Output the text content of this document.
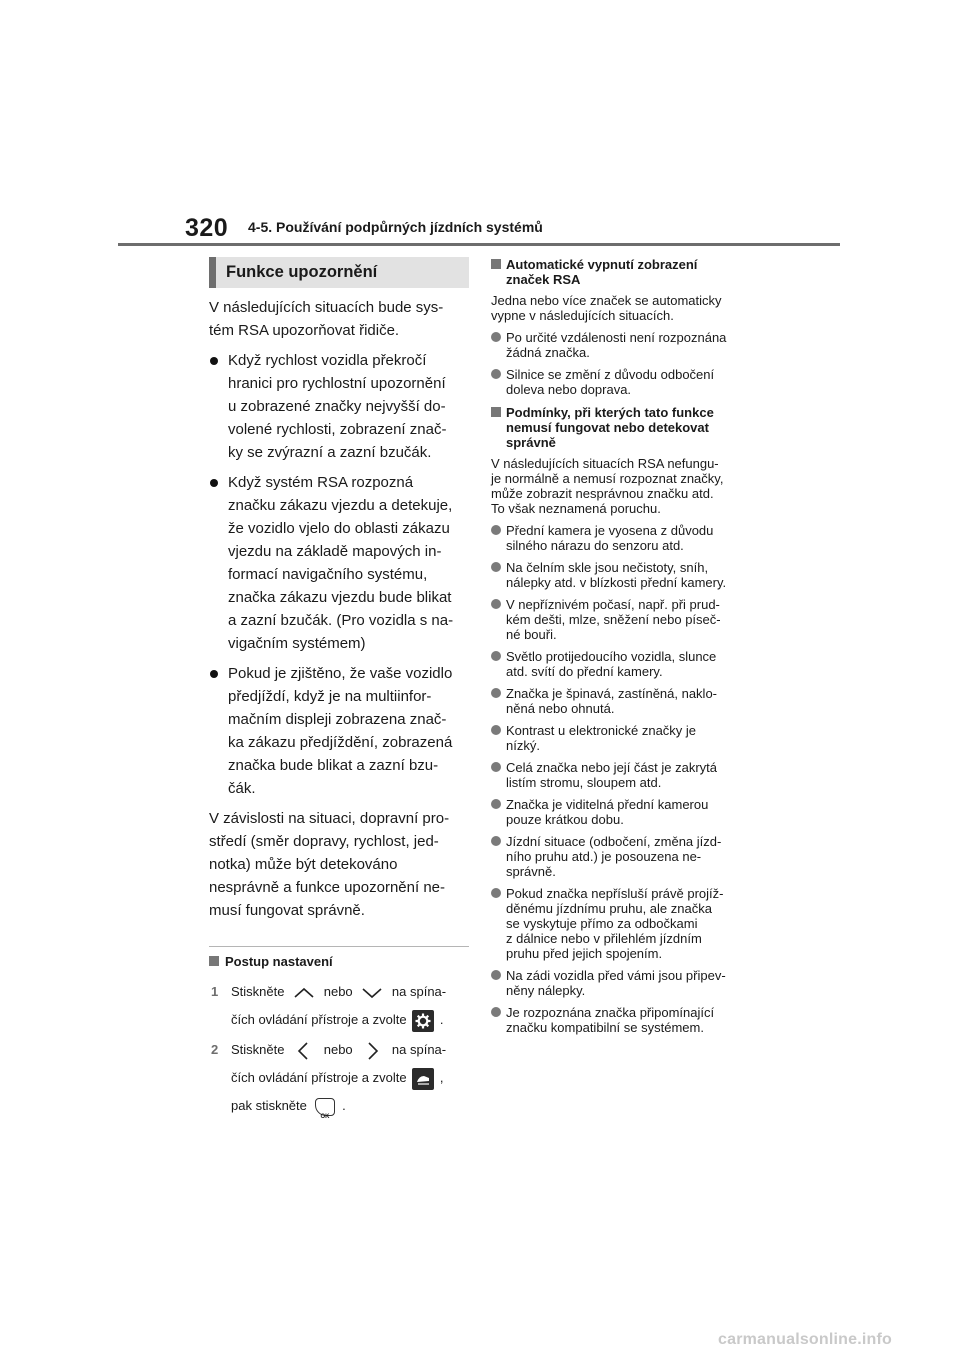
320 4-5. Používání podpůrných jízdních systémů
Funkce upozornění

V následujících situacích bude sys-
tém RSA upozorňovat řidiče.

Když rychlost vozidla překročí
hranici pro rychlostní upozornění
u zobrazené značky nejvyšší do-
volené rychlosti, zobrazení znač-
ky se zvýrazní a zazní bzučák.
Když systém RSA rozpozná
značku zákazu vjezdu a detekuje,
že vozidlo vjelo do oblasti zákazu
vjezdu na základě mapových in-
formací navigačního systému,
značka zákazu vjezdu bude blikat
a zazní bzučák. (Pro vozidla s na-
vigačním systémem)
Pokud je zjištěno, že vaše vozidlo
předjíždí, když je na multiinfor-
mačním displeji zobrazena znač-
ka zákazu předjíždění, zobrazená
značka bude blikat a zazní bzu-
čák.

V závislosti na situaci, dopravní pro-
středí (směr dopravy, rychlost, jed-
notka) může být detekováno
nesprávně a funkce upozornění ne-
musí fungovat správně.

Postup nastavení
1 Stiskněte	nebo	na spína-
čích ovládání přístroje a zvolte	.
2 Stiskněte	nebo	na spína-
čích ovládání přístroje a zvolte	,
pak stiskněte
OK
.
Automatické vypnutí zobrazení
značek RSA

Jedna nebo více značek se automaticky
vypne v následujících situacích.

Po určité vzdálenosti není rozpoznána
žádná značka.
Silnice se změní z důvodu odbočení
doleva nebo doprava.
Podmínky, při kterých tato funkce
nemusí fungovat nebo detekovat
správně

V následujících situacích RSA nefungu-
je normálně a nemusí rozpoznat značky,
může zobrazit nesprávnou značku atd.
To však neznamená poruchu.

Přední kamera je vyosena z důvodu
silného nárazu do senzoru atd.
Na čelním skle jsou nečistoty, sníh,
nálepky atd. v blízkosti přední kamery.
V nepříznivém počasí, např. při prud-
kém dešti, mlze, sněžení nebo píseč-
né bouři.
Světlo protijedoucího vozidla, slunce
atd. svítí do přední kamery.
Značka je špinavá, zastíněná, naklo-
něná nebo ohnutá.
Kontrast u elektronické značky je
nízký.
Celá značka nebo její část je zakrytá
listím stromu, sloupem atd.
Značka je viditelná přední kamerou
pouze krátkou dobu.
Jízdní situace (odbočení, změna jízd-
ního pruhu atd.) je posouzena ne-
správně.
Pokud značka nepřísluší právě projíž-
děnému jízdnímu pruhu, ale značka
se vyskytuje přímo za odbočkami
z dálnice nebo v přilehlém jízdním
pruhu před jejich spojením.
Na zádi vozidla před vámi jsou připev-
něny nálepky.
Je rozpoznána značka připomínající
značku kompatibilní se systémem.
carmanualsonline.info
